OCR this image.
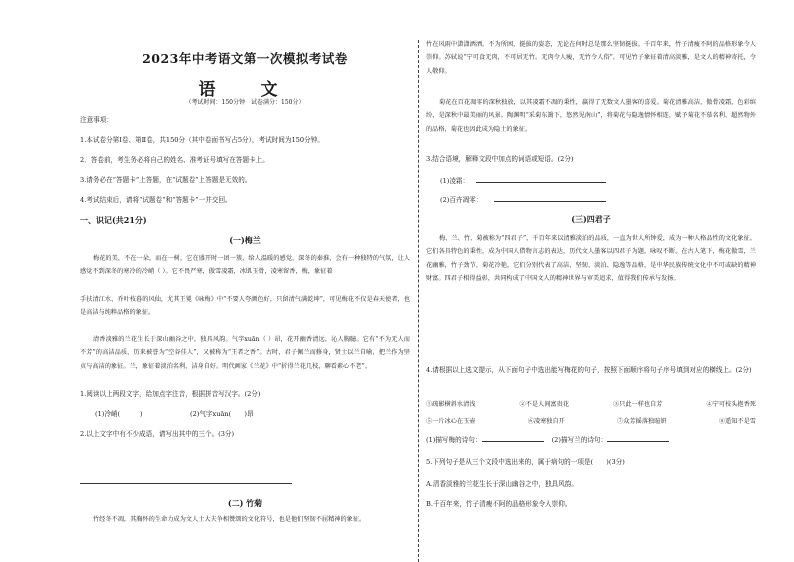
2023年中考语文第一次模拟考试卷
语　文
（考试时间：150分钟　试卷满分：150分）
注意事项：
1.本试卷分第Ⅰ卷、第Ⅱ卷，共150分（其中卷面书写占5分），考试时间为150分钟。
2．答卷前，考生务必将自己的姓名、准考证号填写在答题卡上。
3.请务必在“答题卡”上答题，在“试题卷”上答题是无效的。
4.考试结束后，请将“试题卷”和“答题卡”一并交回。
一、识记(共21分)
(一)梅兰
梅花的美，不在一朵，而在一树，它在盛开时一团一簇，给人温暖的感觉。深冬的秦淮，会有一种独特的气氛，让人感觉不到深冬的寒冷的冷峭（ ）。它不畏严寒，傲雪凌霜，冰肌玉骨，凌寒留香，梅，象征着
手扶清江水，乔叶枝暮的风仙，尤其王冕《咏梅》中“不要人夸颜色好，只留清气满乾坤”，可见梅花不仅是春天使者，也是高洁与纯粹品格的象征。
清香淡雅的兰花生长于深山幽谷之中，独具风韵。气字xuān（ ）昂，花开幽香清远，沁人胸臆。它有“不为无人而不芳”的高洁品质，历来被誉为“空谷佳人”，又被称为“王者之香”。古时，君子佩兰而修身，贤士以兰自喻，把兰作为坚贞与高洁的象征。兰，象征着淡泊名利、洁身自好。明代画家《兰花》中“折得兰花几枝，聊看素心不老”。
1.阅读以上两段文字，给加点字注音，根据拼音写汉字。(2分)
(1)冷峭(　　　)	(2)气字xuān(　　)昂
2.以上文字中有不少成语，请写出其中的三个。(3分)
(二) 竹菊
竹经冬不凋，其胸怀的生命力成为文人士大夫争相赞颂的文化符号，也是他们坚韧不屈精神的象征。
竹在风雨中潇潇洒洒，不为所困，挺拔的姿态，无论在何时总是那么坚韧挺拔。千百年来，竹子清瘦不阿的品格形象令人崇仰。苏轼说“宁可食无肉，不可居无竹。无肉令人瘦，无竹令人俗”，可见竹子象征着清高淡雅，是文人的精神寄托，令人敬仰。
菊花在百花凋零的深秋独放，以其凌霜不凋的秉性，赢得了无数文人墨客的喜爱。菊花清雅高洁，傲骨凌霜，色彩缤纷，是深秋中最美丽的风景。陶渊明“采菊东篱下，悠然见南山”，将菊花与隐逸情怀相连，赋予菊花不慕名利、超然物外的品格，菊花也因此成为隐士的象征。
3.结合语境，解释文段中加点的词语或短语。(2分)
(1)凌霜：
(2)百卉凋零：
(三)四君子
梅、兰、竹、菊被称为“四君子”，千百年来以清雅淡泊的品质，一直为世人所钟爱，成为一种人格品性的文化象征。它们各具特色的秉性，成为中国人借物言志的表达，历代文人墨客以四君子为题，咏叹不断。在古人笔下，梅花傲雪，兰花幽雅，竹子劲节，菊花冷艳，它们分别代表了高洁、坚韧、淡泊、隐逸等品格，是中华民族传统文化中不可或缺的精神财富。四君子相得益彰，共同构成了中国文人的精神世界与审美追求，值得我们传承与发扬。
4.请根据以上选文提示，从下面句子中选出能写梅花的句子，按照下面顺序将句子序号填到对应的横线上。(2分)
①疏影横斜水清浅	②不是人间富贵花	③只此一样也自芳	④宁可枝头抱香死
⑤一片冰心在玉壶	⑥凌寒独自开	⑦众芳摇落独暄妍	⑧遥知不是雪
(1)描写梅的诗句：	(2)描写兰的诗句：
5.下列句子是从三个文段中选出来的，属于病句的一项是(　　)(3分)
A.清香淡雅的兰花生长于深山幽谷之中，独具风韵。
B.千百年来，竹子清瘦不阿的品格形象令人崇仰。
